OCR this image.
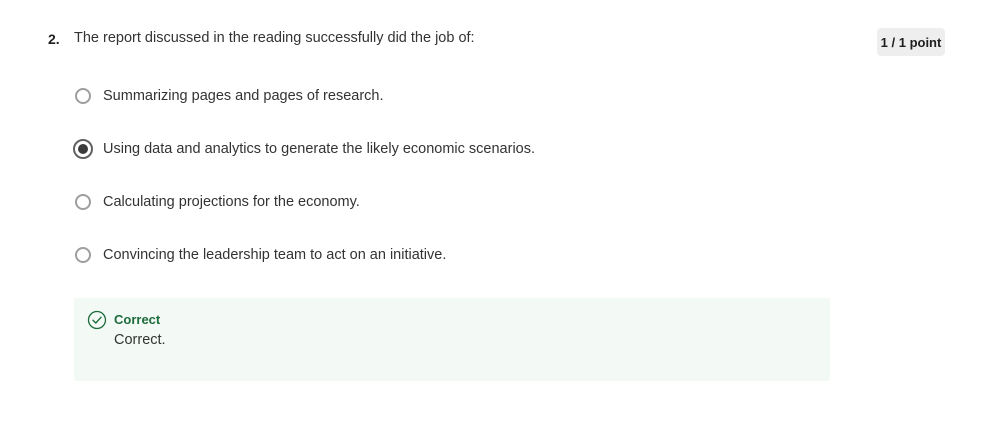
2. The report discussed in the reading successfully did the job of:	1 / 1 point
Summarizing pages and pages of research.
Using data and analytics to generate the likely economic scenarios.
Calculating projections for the economy.
Convincing the leadership team to act on an initiative.
Correct
Correct.
